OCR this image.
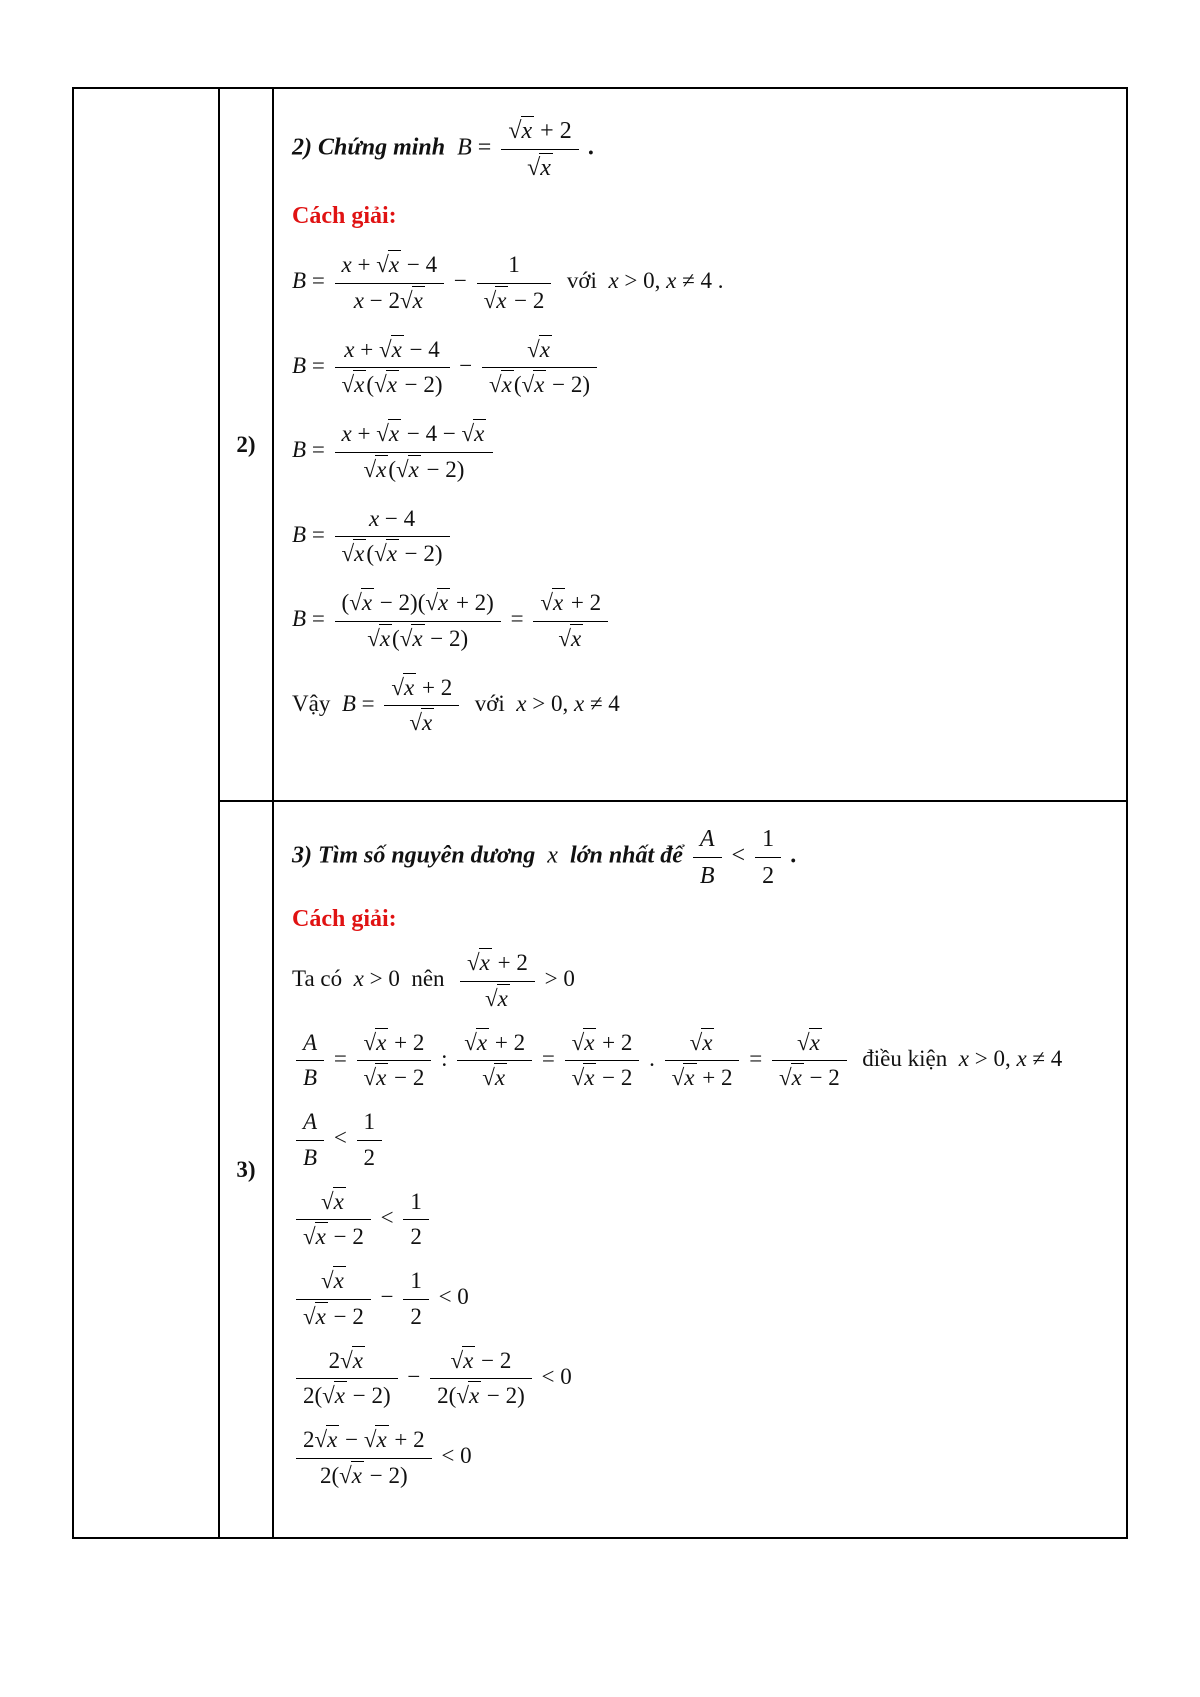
2)
2) Chứng minh  $B = \frac{√x + 2}{√x}$ .
Cách giải:
$B = \frac{x + √x - 4}{x - 2√x} - \frac{1}{√x - 2}$ với  x > 0, x ≠ 4 .
$B = \frac{x + √x - 4}{√x(√x - 2)} - \frac{√x}{√x(√x - 2)}$
$B = \frac{x + √x - 4 - √x}{√x(√x - 2)}$
$B = \frac{x - 4}{√x(√x - 2)}$
$B = \frac{(√x - 2)(√x + 2)}{√x(√x - 2)} = \frac{√x + 2}{√x}$
Vậy  $B = \frac{√x + 2}{√x}$ với  x > 0, x ≠ 4
3)
3) Tìm số nguyên dương  x  lớn nhất để $\frac{A}{B} < \frac{1}{2}$ .
Cách giải:
Ta có  x > 0  nên $\frac{√x + 2}{√x} > 0$
$\frac{A}{B} = \frac{√x + 2}{√x - 2}$ : $\frac{√x + 2}{√x} = \frac{√x + 2}{√x - 2}$ . $\frac{√x}{√x + 2} = \frac{√x}{√x - 2}$ điều kiện  x > 0, x ≠ 4
$\frac{A}{B} < \frac{1}{2}$
$\frac{√x}{√x - 2} < \frac{1}{2}$
$\frac{√x}{√x - 2} - \frac{1}{2} < 0$
$\frac{2√x}{2(√x - 2)} - \frac{√x - 2}{2(√x - 2)} < 0$
$\frac{2√x - √x + 2}{2(√x - 2)} < 0$
